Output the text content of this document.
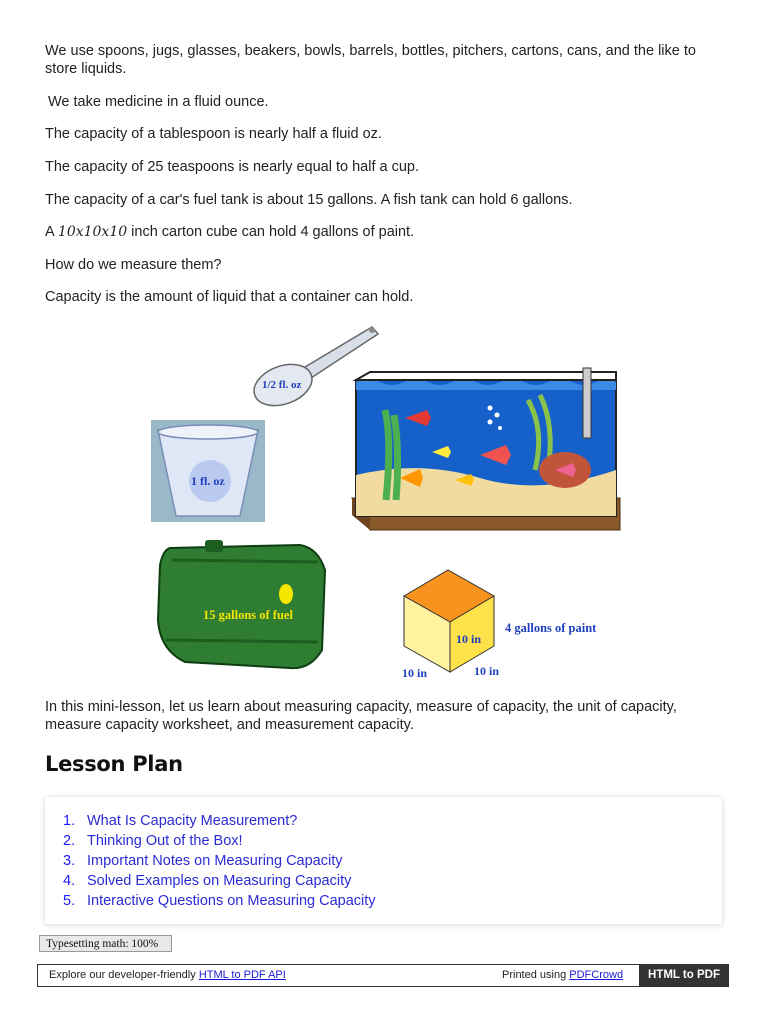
We use spoons, jugs, glasses, beakers, bowls, barrels, bottles, pitchers, cartons, cans, and the like to store liquids.

We take medicine in a fluid ounce.

The capacity of a tablespoon is nearly half a fluid oz.

The capacity of 25 teaspoons is nearly equal to half a cup.

The capacity of a car's fuel tank is about 15 gallons. A fish tank can hold 6 gallons.

A 10x10x10 inch carton cube can hold 4 gallons of paint.

How do we measure them?

Capacity is the amount of liquid that a container can hold.

1/2 fl. oz
1 fl. oz
15 gallons of fuel
10 in
10 in	10 in
4 gallons of paint

In this mini-lesson, let us learn about measuring capacity, measure of capacity, the unit of capacity, measure capacity worksheet, and measurement capacity.

Lesson Plan
1. What Is Capacity Measurement?
2. Thinking Out of the Box!
3. Important Notes on Measuring Capacity
4. Solved Examples on Measuring Capacity
5. Interactive Questions on Measuring Capacity
Typesetting math: 100%
Explore our developer-friendly HTML to PDF API	Printed using PDFCrowd	HTML to PDF
